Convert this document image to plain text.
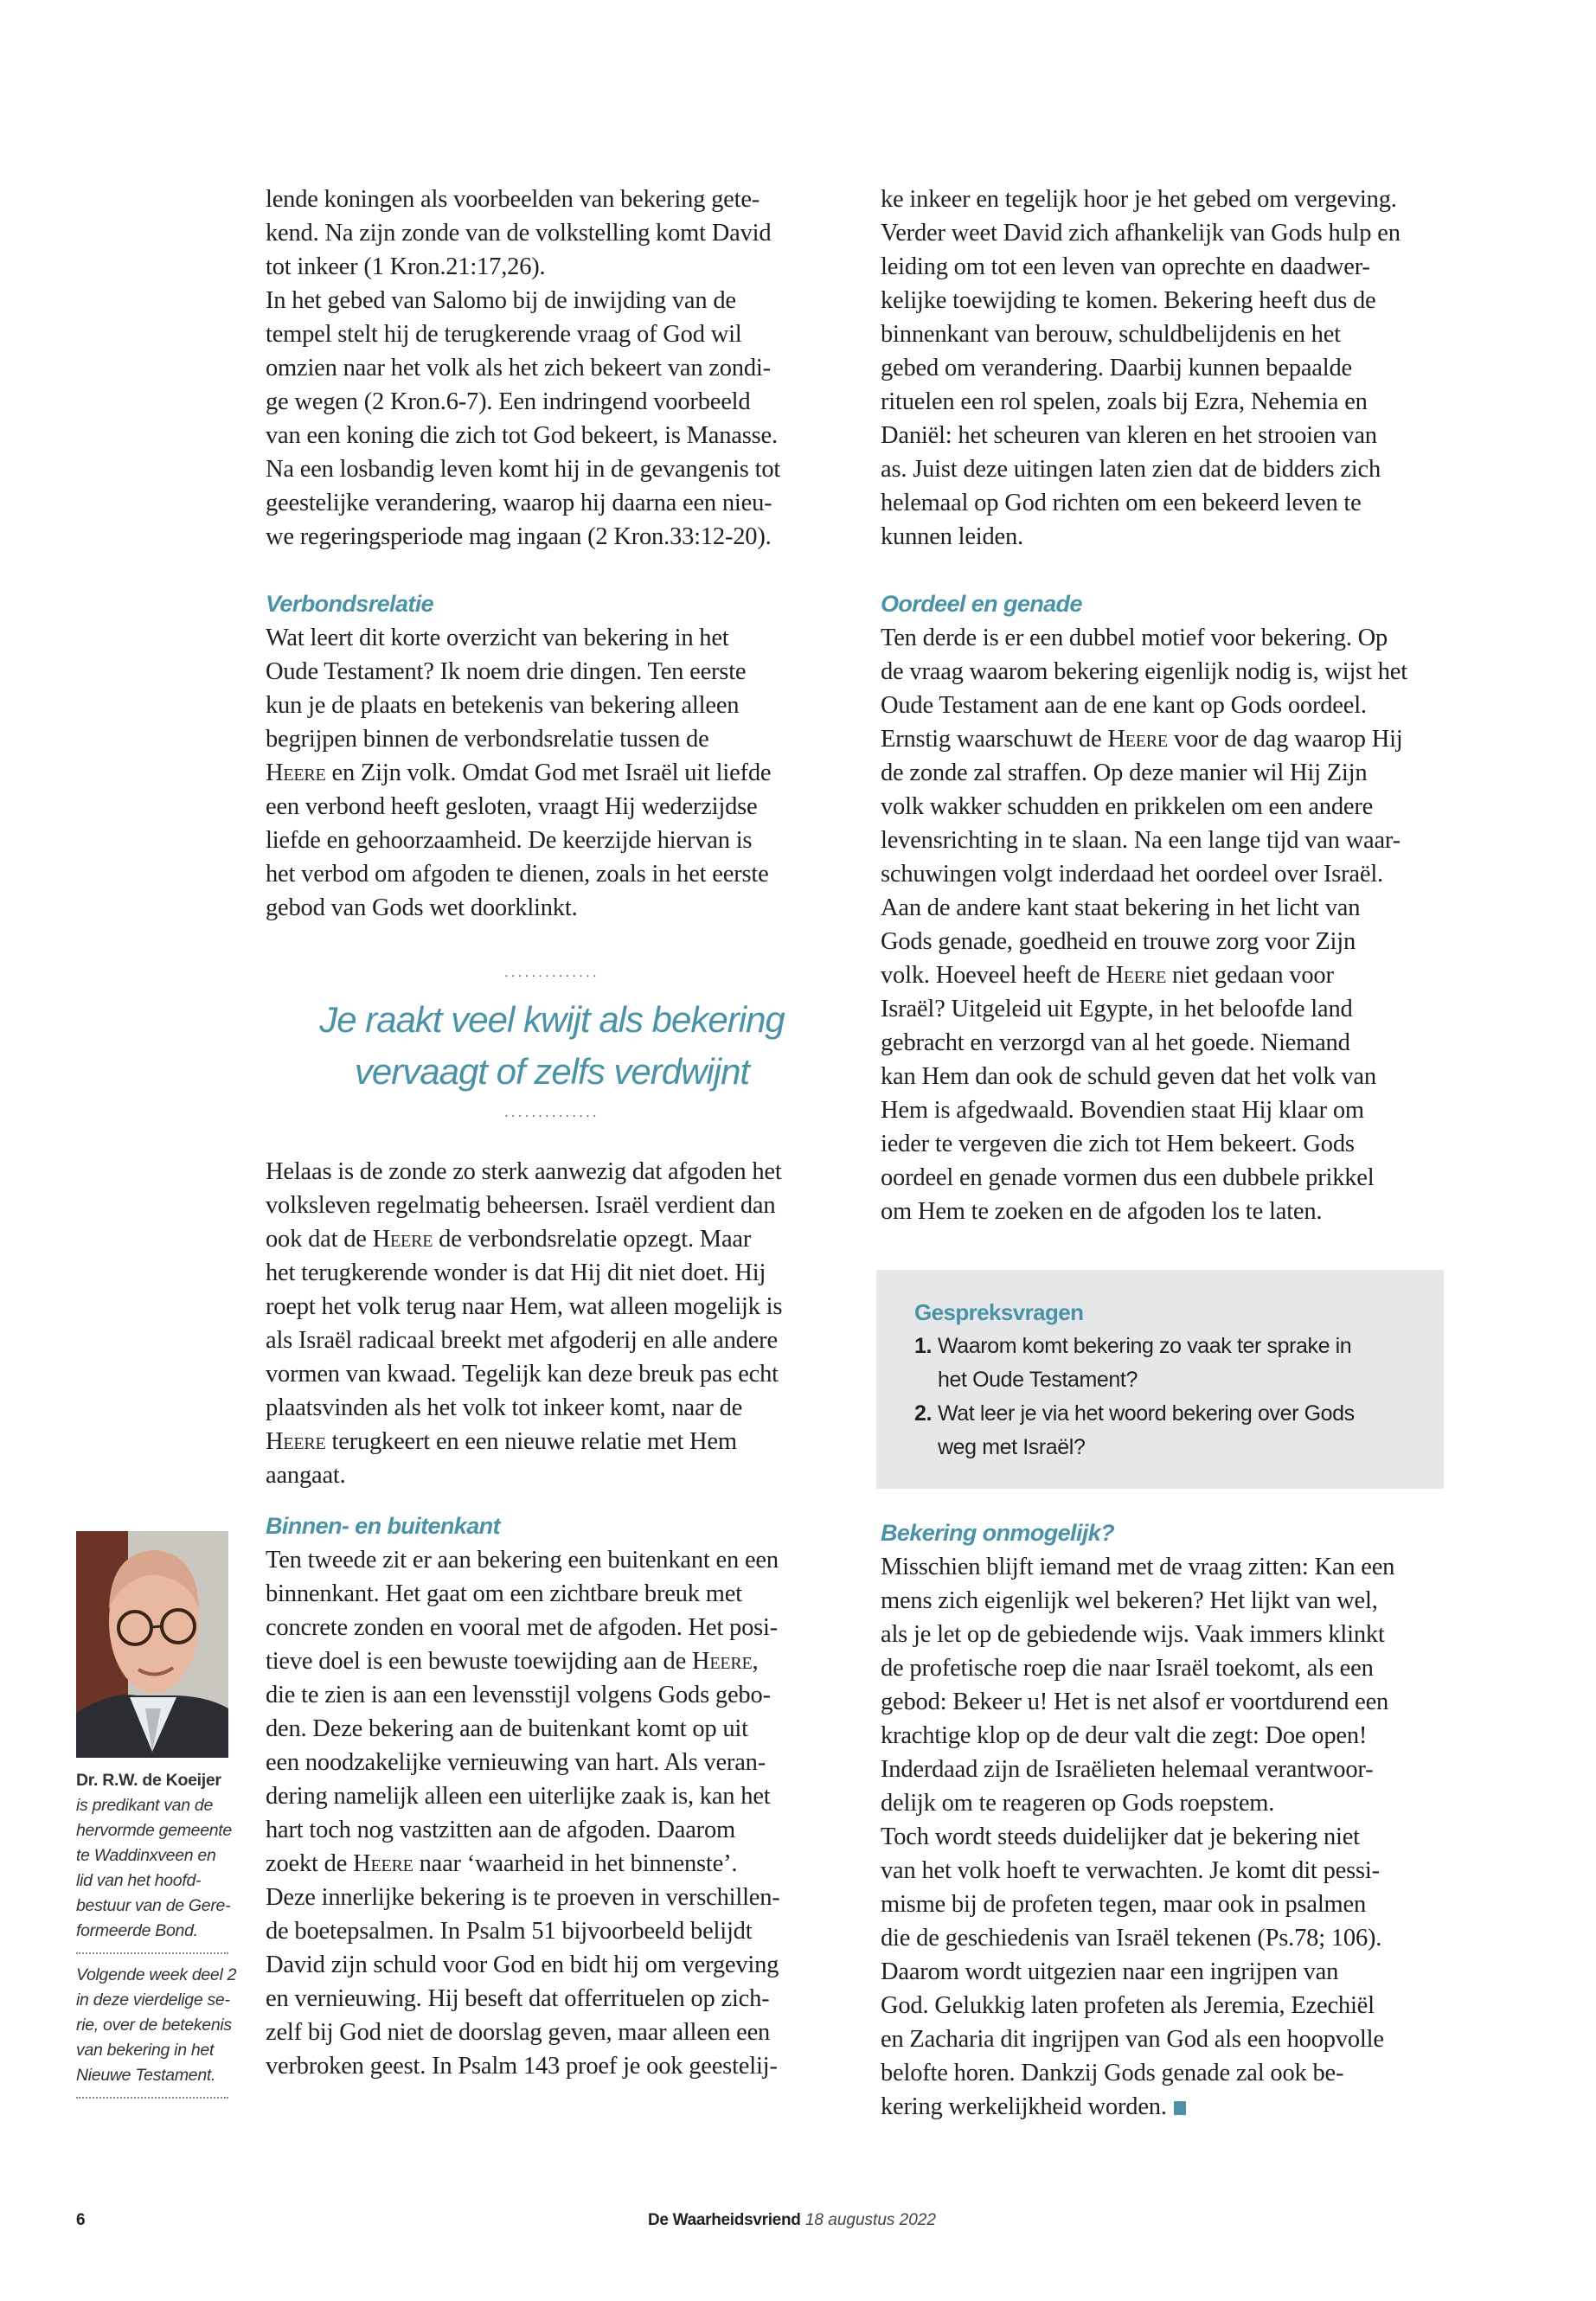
lende koningen als voorbeelden van bekering gete-
kend. Na zijn zonde van de volkstelling komt David
tot inkeer (1 Kron.21:17,26).
In het gebed van Salomo bij de inwijding van de
tempel stelt hij de terugkerende vraag of God wil
omzien naar het volk als het zich bekeert van zondi-
ge wegen (2 Kron.6-7). Een indringend voorbeeld
van een koning die zich tot God bekeert, is Manasse.
Na een losbandig leven komt hij in de gevangenis tot
geestelijke verandering, waarop hij daarna een nieu-
we regeringsperiode mag ingaan (2 Kron.33:12-20).

Verbondsrelatie

Wat leert dit korte overzicht van bekering in het
Oude Testament? Ik noem drie dingen. Ten eerste
kun je de plaats en betekenis van bekering alleen
begrijpen binnen de verbondsrelatie tussen de
Heere en Zijn volk. Omdat God met Israël uit liefde
een verbond heeft gesloten, vraagt Hij wederzijdse
liefde en gehoorzaamheid. De keerzijde hiervan is
het verbod om afgoden te dienen, zoals in het eerste
gebod van Gods wet doorklinkt.

..............
Je raakt veel kwijt als bekering
vervaagt of zelfs verdwijnt
..............

Helaas is de zonde zo sterk aanwezig dat afgoden het
volksleven regelmatig beheersen. Israël verdient dan
ook dat de Heere de verbondsrelatie opzegt. Maar
het terugkerende wonder is dat Hij dit niet doet. Hij
roept het volk terug naar Hem, wat alleen mogelijk is
als Israël radicaal breekt met afgoderij en alle andere
vormen van kwaad. Tegelijk kan deze breuk pas echt
plaatsvinden als het volk tot inkeer komt, naar de
Heere terugkeert en een nieuwe relatie met Hem
aangaat.

Binnen- en buitenkant

Ten tweede zit er aan bekering een buitenkant en een
binnenkant. Het gaat om een zichtbare breuk met
concrete zonden en vooral met de afgoden. Het posi-
tieve doel is een bewuste toewijding aan de Heere,
die te zien is aan een levensstijl volgens Gods gebo-
den. Deze bekering aan de buitenkant komt op uit
een noodzakelijke vernieuwing van hart. Als veran-
dering namelijk alleen een uiterlijke zaak is, kan het
hart toch nog vastzitten aan de afgoden. Daarom
zoekt de Heere naar ‘waarheid in het binnenste’.
Deze innerlijke bekering is te proeven in verschillen-
de boetepsalmen. In Psalm 51 bijvoorbeeld belijdt
David zijn schuld voor God en bidt hij om vergeving
en vernieuwing. Hij beseft dat offerrituelen op zich-
zelf bij God niet de doorslag geven, maar alleen een
verbroken geest. In Psalm 143 proef je ook geestelij-

ke inkeer en tegelijk hoor je het gebed om vergeving.
Verder weet David zich afhankelijk van Gods hulp en
leiding om tot een leven van oprechte en daadwer-
kelijke toewijding te komen. Bekering heeft dus de
binnenkant van berouw, schuldbelijdenis en het
gebed om verandering. Daarbij kunnen bepaalde
rituelen een rol spelen, zoals bij Ezra, Nehemia en
Daniël: het scheuren van kleren en het strooien van
as. Juist deze uitingen laten zien dat de bidders zich
helemaal op God richten om een bekeerd leven te
kunnen leiden.

Oordeel en genade

Ten derde is er een dubbel motief voor bekering. Op
de vraag waarom bekering eigenlijk nodig is, wijst het
Oude Testament aan de ene kant op Gods oordeel.
Ernstig waarschuwt de Heere voor de dag waarop Hij
de zonde zal straffen. Op deze manier wil Hij Zijn
volk wakker schudden en prikkelen om een andere
levensrichting in te slaan. Na een lange tijd van waar-
schuwingen volgt inderdaad het oordeel over Israël.
Aan de andere kant staat bekering in het licht van
Gods genade, goedheid en trouwe zorg voor Zijn
volk. Hoeveel heeft de Heere niet gedaan voor
Israël? Uitgeleid uit Egypte, in het beloofde land
gebracht en verzorgd van al het goede. Niemand
kan Hem dan ook de schuld geven dat het volk van
Hem is afgedwaald. Bovendien staat Hij klaar om
ieder te vergeven die zich tot Hem bekeert. Gods
oordeel en genade vormen dus een dubbele prikkel
om Hem te zoeken en de afgoden los te laten.

Gespreksvragen
1. Waarom komt bekering zo vaak ter sprake in
het Oude Testament?
2. Wat leer je via het woord bekering over Gods
weg met Israël?
Bekering onmogelijk?

Misschien blijft iemand met de vraag zitten: Kan een
mens zich eigenlijk wel bekeren? Het lijkt van wel,
als je let op de gebiedende wijs. Vaak immers klinkt
de profetische roep die naar Israël toekomt, als een
gebod: Bekeer u! Het is net alsof er voortdurend een
krachtige klop op de deur valt die zegt: Doe open!
Inderdaad zijn de Israëlieten helemaal verantwoor-
delijk om te reageren op Gods roepstem.
Toch wordt steeds duidelijker dat je bekering niet
van het volk hoeft te verwachten. Je komt dit pessi-
misme bij de profeten tegen, maar ook in psalmen
die de geschiedenis van Israël tekenen (Ps.78; 106).
Daarom wordt uitgezien naar een ingrijpen van
God. Gelukkig laten profeten als Jeremia, Ezechiël
en Zacharia dit ingrijpen van God als een hoopvolle
belofte horen. Dankzij Gods genade zal ook be-
kering werkelijkheid worden.

Dr. R.W. de Koeijer
is predikant van de
hervormde gemeente
te Waddinxveen en
lid van het hoofd-
bestuur van de Gere-
formeerde Bond.
Volgende week deel 2
in deze vierdelige se-
rie, over de betekenis
van bekering in het
Nieuwe Testament.
6	De Waarheidsvriend 18 augustus 2022
